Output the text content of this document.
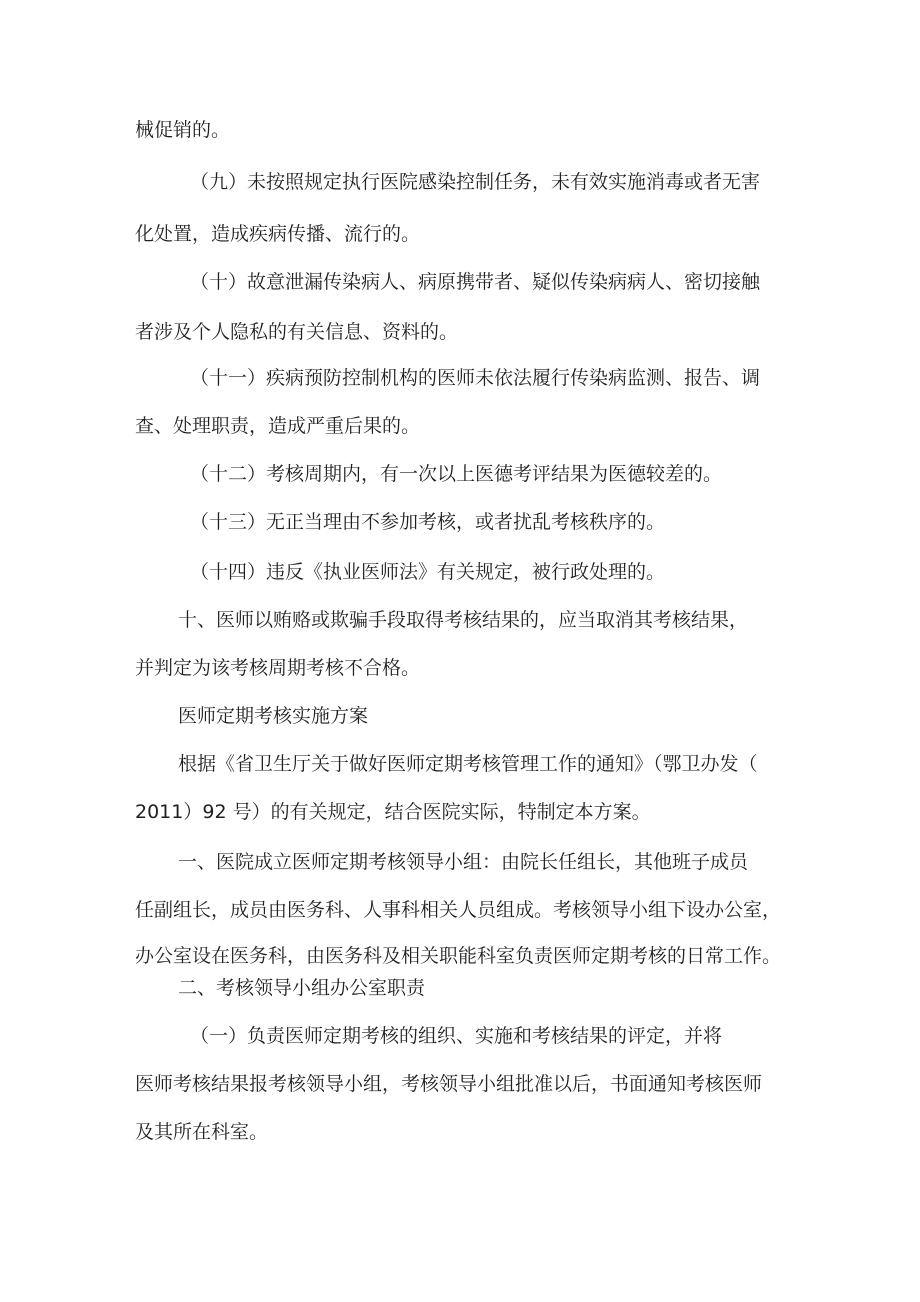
械促销的。
（九）未按照规定执行医院感染控制任务，未有效实施消毒或者无害
化处置，造成疾病传播、流行的。
（十）故意泄漏传染病人、病原携带者、疑似传染病病人、密切接触
者涉及个人隐私的有关信息、资料的。
（十一）疾病预防控制机构的医师未依法履行传染病监测、报告、调
查、处理职责，造成严重后果的。
（十二）考核周期内，有一次以上医德考评结果为医德较差的。
（十三）无正当理由不参加考核，或者扰乱考核秩序的。
（十四）违反《执业医师法》有关规定，被行政处理的。
十、医师以贿赂或欺骗手段取得考核结果的，应当取消其考核结果，
并判定为该考核周期考核不合格。
医师定期考核实施方案
根据《省卫生厅关于做好医师定期考核管理工作的通知》（鄂卫办发（
2011）92 号）的有关规定，结合医院实际，特制定本方案。
一、医院成立医师定期考核领导小组：由院长任组长，其他班子成员
任副组长，成员由医务科、人事科相关人员组成。考核领导小组下设办公室，
办公室设在医务科，由医务科及相关职能科室负责医师定期考核的日常工作。
二、考核领导小组办公室职责
（一）负责医师定期考核的组织、实施和考核结果的评定，并将
医师考核结果报考核领导小组，考核领导小组批准以后，书面通知考核医师
及其所在科室。
